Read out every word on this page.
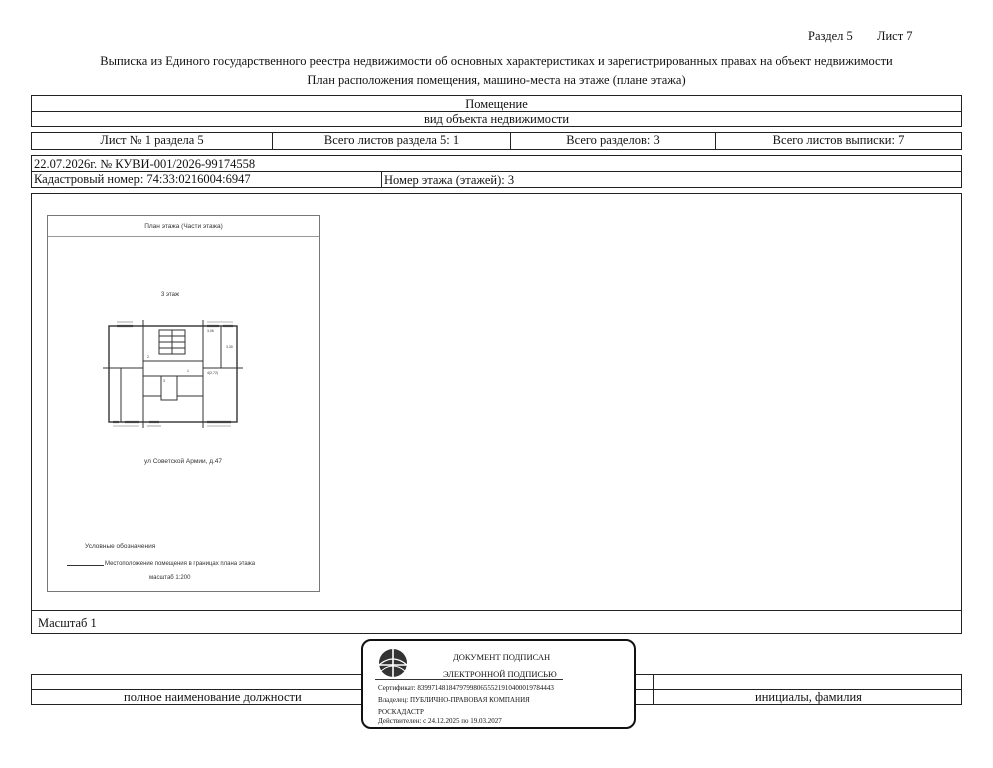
Раздел 5 Лист 7
Выписка из Единого государственного реестра недвижимости об основных характеристиках и зарегистрированных правах на объект недвижимости
План расположения помещения, машино-места на этаже (плане этажа)
Помещение
вид объекта недвижимости
Лист № 1 раздела 5	Всего листов раздела 5: 1	Всего разделов: 3	Всего листов выписки: 7
22.07.2026г. № КУВИ-001/2026-99174558
Кадастровый номер: 74:33:0216004:6947	Номер этажа (этажей): 3
Масштаб 1
План этажа (Части этажа)
3 этаж
3,06
4(2,72)
2
1
3
3,30
ул Советской Армии, д.47
Условные обозначения
Местоположение помещения в границах плана этажа
масштаб 1:200
полное наименование должности	инициалы, фамилия
ДОКУМЕНТ ПОДПИСАН
ЭЛЕКТРОННОЙ ПОДПИСЬЮ
Сертификат: 839971481847979980655521910400019784443
Владелец: ПУБЛИЧНО-ПРАВОВАЯ КОМПАНИЯ
РОСКАДАСТР
Действителен: с 24.12.2025 по 19.03.2027
